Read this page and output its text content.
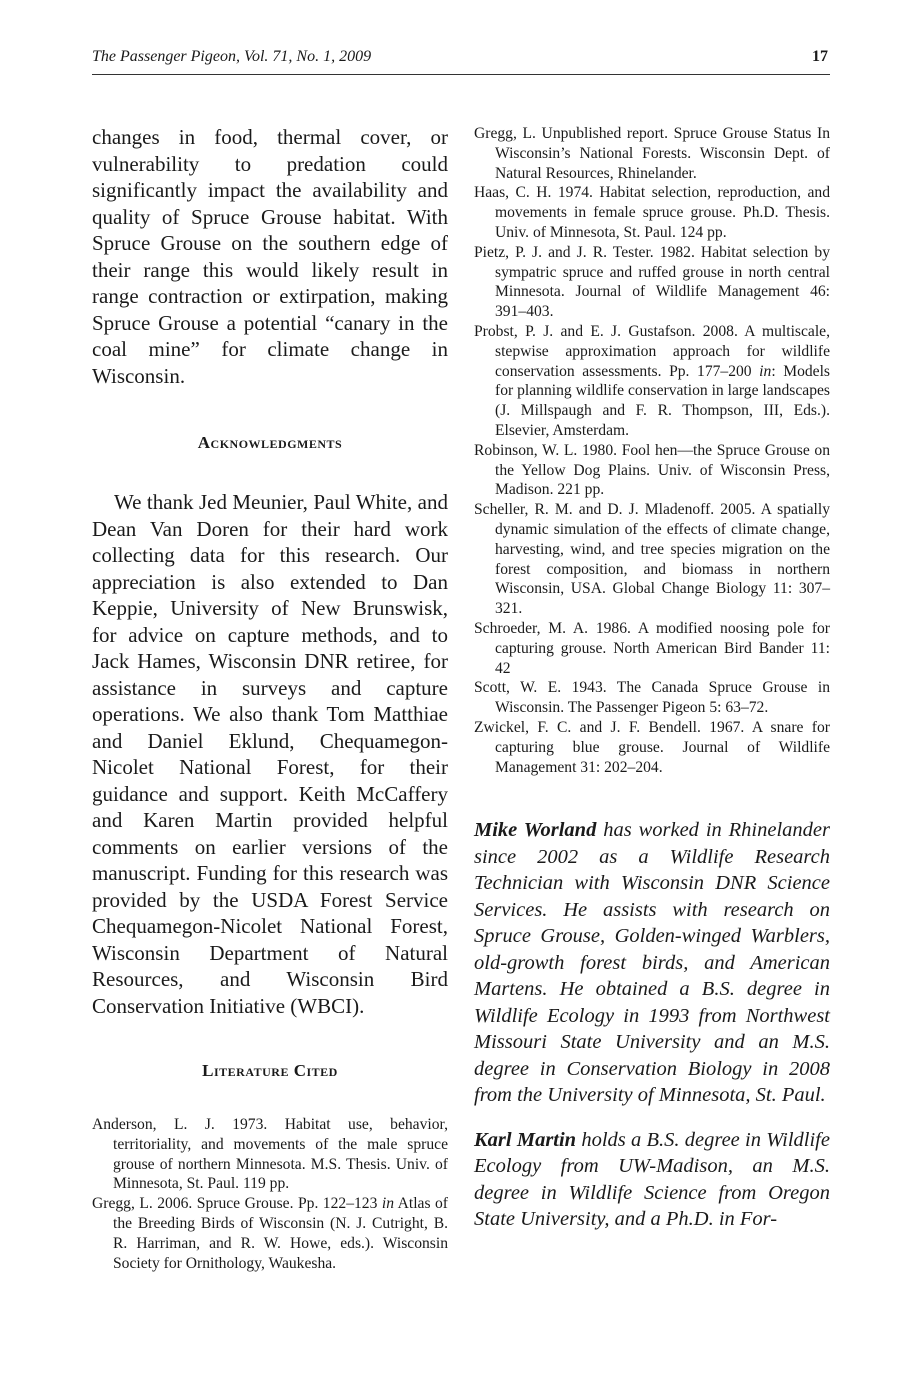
The Passenger Pigeon, Vol. 71, No. 1, 2009	17

changes in food, thermal cover, or vulnerability to predation could significantly impact the availability and quality of Spruce Grouse habitat. With Spruce Grouse on the southern edge of their range this would likely result in range contraction or extirpation, making Spruce Grouse a potential “canary in the coal mine” for climate change in Wisconsin.

Acknowledgments

We thank Jed Meunier, Paul White, and Dean Van Doren for their hard work collecting data for this research. Our appreciation is also extended to Dan Keppie, University of New Brunswisk, for advice on capture methods, and to Jack Hames, Wisconsin DNR retiree, for assistance in surveys and capture operations. We also thank Tom Matthiae and Daniel Eklund, Chequamegon-Nicolet National Forest, for their guidance and support. Keith McCaffery and Karen Martin provided helpful comments on earlier versions of the manuscript. Funding for this research was provided by the USDA Forest Service Chequamegon-Nicolet National Forest, Wisconsin Department of Natural Resources, and Wisconsin Bird Conservation Initiative (WBCI).

Literature Cited

Anderson, L. J. 1973. Habitat use, behavior, territoriality, and movements of the male spruce grouse of northern Minnesota. M.S. Thesis. Univ. of Minnesota, St. Paul. 119 pp.

Gregg, L. 2006. Spruce Grouse. Pp. 122–123 in Atlas of the Breeding Birds of Wisconsin (N. J. Cutright, B. R. Harriman, and R. W. Howe, eds.). Wisconsin Society for Ornithology, Waukesha.

Gregg, L. Unpublished report. Spruce Grouse Status In Wisconsin’s National Forests. Wisconsin Dept. of Natural Resources, Rhinelander.

Haas, C. H. 1974. Habitat selection, reproduction, and movements in female spruce grouse. Ph.D. Thesis. Univ. of Minnesota, St. Paul. 124 pp.

Pietz, P. J. and J. R. Tester. 1982. Habitat selection by sympatric spruce and ruffed grouse in north central Minnesota. Journal of Wildlife Management 46: 391–403.

Probst, P. J. and E. J. Gustafson. 2008. A multiscale, stepwise approximation approach for wildlife conservation assessments. Pp. 177–200 in: Models for planning wildlife conservation in large landscapes (J. Millspaugh and F. R. Thompson, III, Eds.). Elsevier, Amsterdam.

Robinson, W. L. 1980. Fool hen—the Spruce Grouse on the Yellow Dog Plains. Univ. of Wisconsin Press, Madison. 221 pp.

Scheller, R. M. and D. J. Mladenoff. 2005. A spatially dynamic simulation of the effects of climate change, harvesting, wind, and tree species migration on the forest composition, and biomass in northern Wisconsin, USA. Global Change Biology 11: 307–321.

Schroeder, M. A. 1986. A modified noosing pole for capturing grouse. North American Bird Bander 11: 42

Scott, W. E. 1943. The Canada Spruce Grouse in Wisconsin. The Passenger Pigeon 5: 63–72.

Zwickel, F. C. and J. F. Bendell. 1967. A snare for capturing blue grouse. Journal of Wildlife Management 31: 202–204.

Mike Worland has worked in Rhinelander since 2002 as a Wildlife Research Technician with Wisconsin DNR Science Services. He assists with research on Spruce Grouse, Golden-winged Warblers, old-growth forest birds, and American Martens. He obtained a B.S. degree in Wildlife Ecology in 1993 from Northwest Missouri State University and an M.S. degree in Conservation Biology in 2008 from the University of Minnesota, St. Paul.

Karl Martin holds a B.S. degree in Wildlife Ecology from UW-Madison, an M.S. degree in Wildlife Science from Oregon State University, and a Ph.D. in For-
